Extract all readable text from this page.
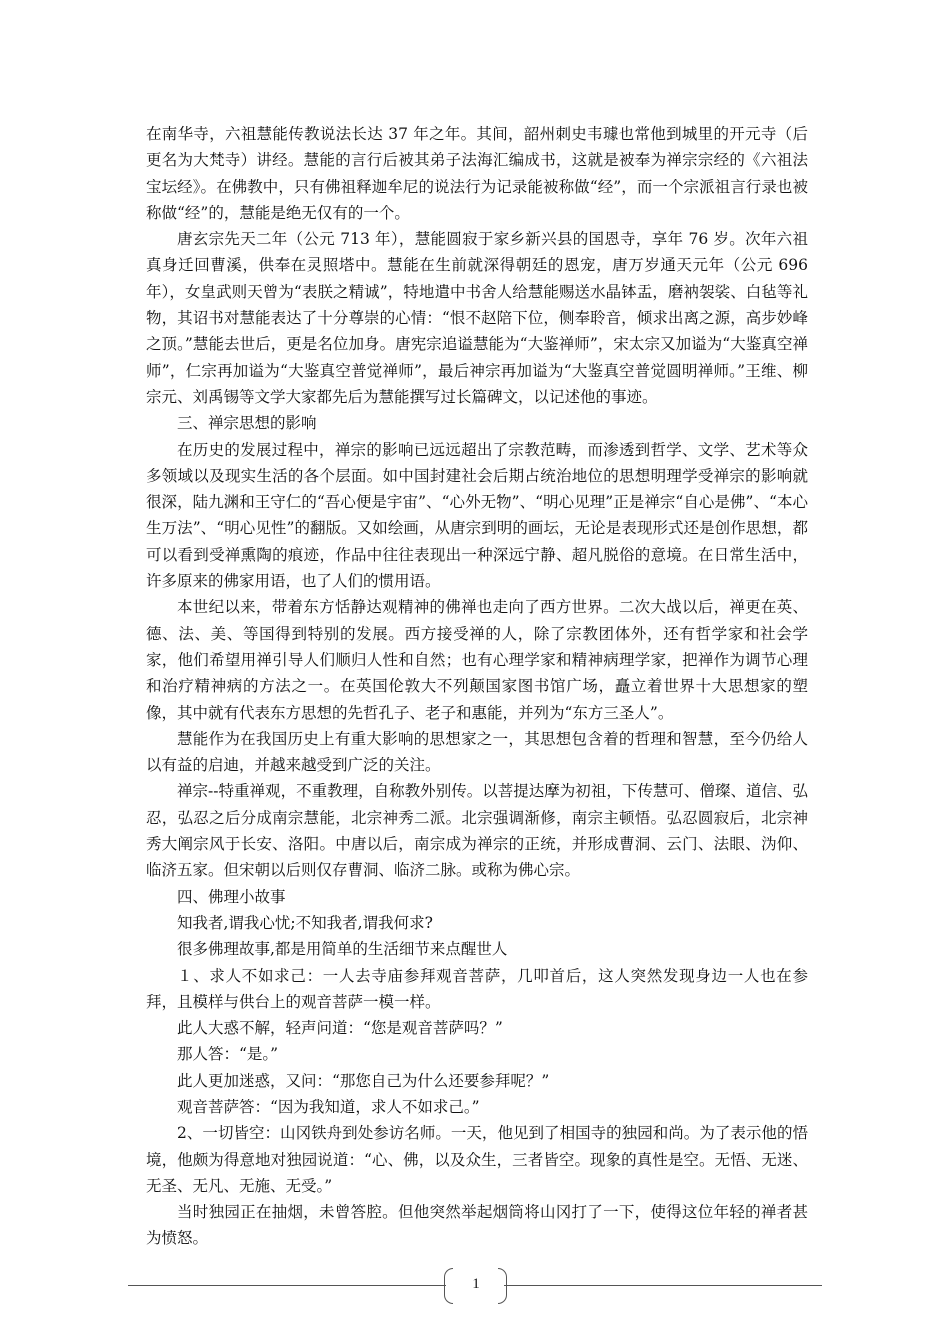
在南华寺，六祖慧能传教说法长达 37 年之年。其间，韶州刺史韦璩也常他到城里的开元寺（后更名为大梵寺）讲经。慧能的言行后被其弟子法海汇编成书，这就是被奉为禅宗宗经的《六祖法宝坛经》。在佛教中，只有佛祖释迦牟尼的说法行为记录能被称做“经”，而一个宗派祖言行录也被称做“经”的，慧能是绝无仅有的一个。

唐玄宗先天二年（公元 713 年），慧能圆寂于家乡新兴县的国恩寺，享年 76 岁。次年六祖真身迁回曹溪，供奉在灵照塔中。慧能在生前就深得朝廷的恩宠，唐万岁通天元年（公元 696 年），女皇武则天曾为“表朕之精诚”，特地遣中书舍人给慧能赐送水晶钵盂，磨衲袈裟、白毡等礼物，其诏书对慧能表达了十分尊崇的心情：“恨不赵陪下位，侧奉聆音，倾求出离之源，高步妙峰之顶。”慧能去世后，更是名位加身。唐宪宗追谥慧能为“大鉴禅师”，宋太宗又加谥为“大鉴真空禅师”，仁宗再加谥为“大鉴真空普觉禅师”，最后神宗再加谥为“大鉴真空普觉圆明禅师。”王维、柳宗元、刘禹锡等文学大家都先后为慧能撰写过长篇碑文，以记述他的事迹。

三、禅宗思想的影响

在历史的发展过程中，禅宗的影响已远远超出了宗教范畴，而渗透到哲学、文学、艺术等众多领域以及现实生活的各个层面。如中国封建社会后期占统治地位的思想明理学受禅宗的影响就很深，陆九渊和王守仁的“吾心便是宇宙”、“心外无物”、“明心见理”正是禅宗“自心是佛”、“本心生万法”、“明心见性”的翻版。又如绘画，从唐宗到明的画坛，无论是表现形式还是创作思想，都可以看到受禅熏陶的痕迹，作品中往往表现出一种深远宁静、超凡脱俗的意境。在日常生活中，许多原来的佛家用语，也了人们的惯用语。

本世纪以来，带着东方恬静达观精神的佛禅也走向了西方世界。二次大战以后，禅更在英、德、法、美、等国得到特别的发展。西方接受禅的人，除了宗教团体外，还有哲学家和社会学家，他们希望用禅引导人们顺归人性和自然；也有心理学家和精神病理学家，把禅作为调节心理和治疗精神病的方法之一。在英国伦敦大不列颠国家图书馆广场，矗立着世界十大思想家的塑像，其中就有代表东方思想的先哲孔子、老子和惠能，并列为“东方三圣人”。

慧能作为在我国历史上有重大影响的思想家之一，其思想包含着的哲理和智慧，至今仍给人以有益的启迪，并越来越受到广泛的关注。

禅宗--特重禅观，不重教理，自称教外别传。以菩提达摩为初祖，下传慧可、僧璨、道信、弘忍，弘忍之后分成南宗慧能，北宗神秀二派。北宗强调渐修，南宗主顿悟。弘忍圆寂后，北宗神秀大阐宗风于长安、洛阳。中唐以后，南宗成为禅宗的正统，并形成曹洞、云门、法眼、沩仰、临济五家。但宋朝以后则仅存曹洞、临济二脉。或称为佛心宗。

四、佛理小故事

知我者,谓我心忧;不知我者,谓我何求?

很多佛理故事,都是用简单的生活细节来点醒世人

１、求人不如求己：一人去寺庙参拜观音菩萨，几叩首后，这人突然发现身边一人也在参拜，且模样与供台上的观音菩萨一模一样。

此人大惑不解，轻声问道：“您是观音菩萨吗？”

那人答：“是。”

此人更加迷惑，又问：“那您自己为什么还要参拜呢？”

观音菩萨答：“因为我知道，求人不如求己。”

2、一切皆空：山冈铁舟到处参访名师。一天，他见到了相国寺的独园和尚。为了表示他的悟境，他颇为得意地对独园说道：“心、佛，以及众生，三者皆空。现象的真性是空。无悟、无迷、无圣、无凡、无施、无受。”

当时独园正在抽烟，未曾答腔。但他突然举起烟筒将山冈打了一下，使得这位年轻的禅者甚为愤怒。

1
